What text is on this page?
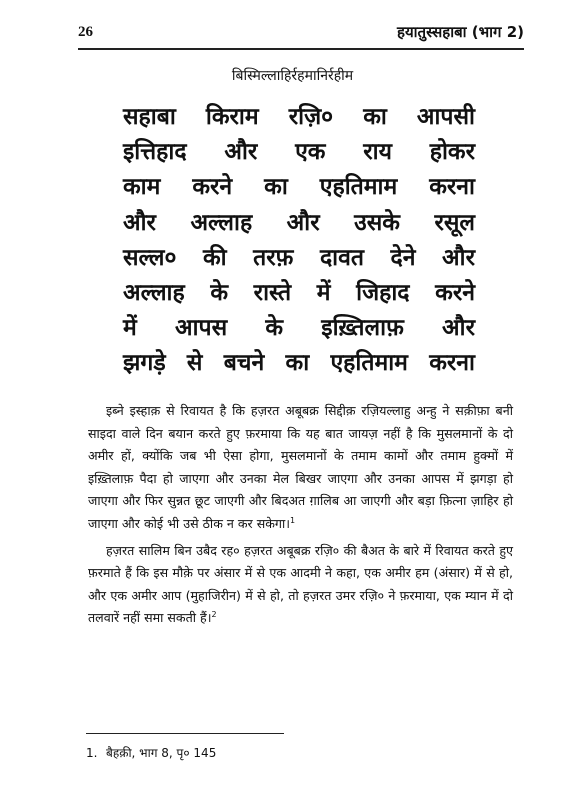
26	हयातुस्सहाबा (भाग 2)
बिस्मिल्लाहिर्रहमानिर्रहीम
सहाबा किराम रज़ि० का आपसी
इत्तिहाद और एक राय होकर
काम करने का एहतिमाम करना
और अल्लाह और उसके रसूल
सल्ल० की तरफ़ दावत देने और
अल्लाह के रास्ते में जिहाद करने
में आपस के इख़्तिलाफ़ और
झगड़े से बचने का एहतिमाम करना

इब्ने इस्हाक़ से रिवायत है कि हज़रत अबूबक्र सिद्दीक़ रज़ियल्लाहु अन्हु ने सक़ीफ़ा बनी साइदा वाले दिन बयान करते हुए फ़रमाया कि यह बात जायज़ नहीं है कि मुसलमानों के दो अमीर हों, क्योंकि जब भी ऐसा होगा, मुसलमानों के तमाम कामों और तमाम हुक्मों में इख़्तिलाफ़ पैदा हो जाएगा और उनका मेल बिखर जाएगा और उनका आपस में झगड़ा हो जाएगा और फिर सुन्नत छूट जाएगी और बिदअत ग़ालिब आ जाएगी और बड़ा फ़ित्ना ज़ाहिर हो जाएगा और कोई भी उसे ठीक न कर सकेगा।$^1$

हज़रत सालिम बिन उबैद रह० हज़रत अबूबक्र रज़ि० की बैअत के बारे में रिवायत करते हुए फ़रमाते हैं कि इस मौक़े पर अंसार में से एक आदमी ने कहा, एक अमीर हम (अंसार) में से हो, और एक अमीर आप (मुहाजिरीन) में से हो, तो हज़रत उमर रज़ि० ने फ़रमाया, एक म्यान में दो तलवारें नहीं समा सकती हैं।$^2$

1. बैहक़ी, भाग 8, पृ० 145
